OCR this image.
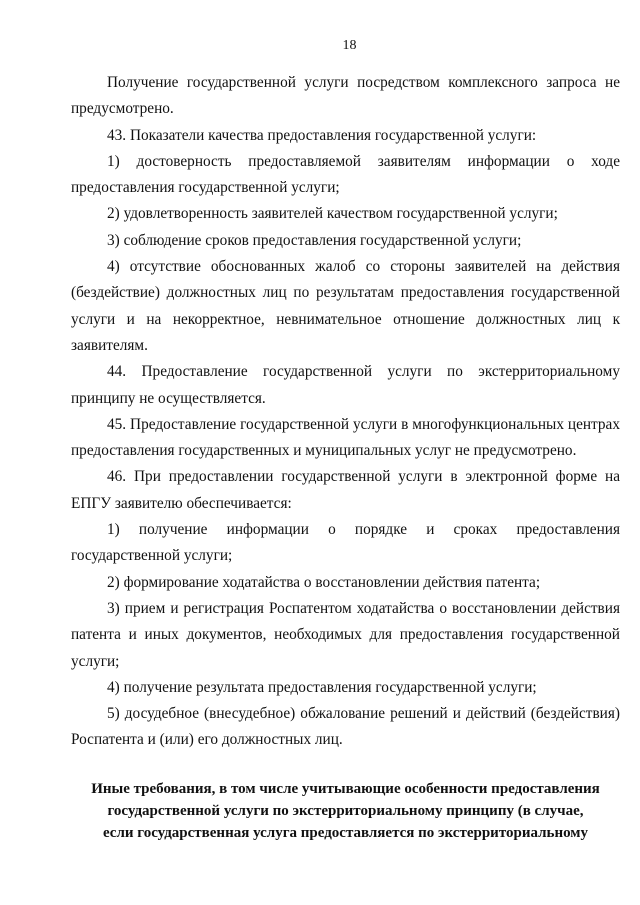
18

Получение государственной услуги посредством комплексного запроса не предусмотрено.

43. Показатели качества предоставления государственной услуги:

1) достоверность предоставляемой заявителям информации о ходе предоставления государственной услуги;

2) удовлетворенность заявителей качеством государственной услуги;

3) соблюдение сроков предоставления государственной услуги;

4) отсутствие обоснованных жалоб со стороны заявителей на действия (бездействие) должностных лиц по результатам предоставления государственной услуги и на некорректное, невнимательное отношение должностных лиц к заявителям.

44. Предоставление государственной услуги по экстерриториальному принципу не осуществляется.

45. Предоставление государственной услуги в многофункциональных центрах предоставления государственных и муниципальных услуг не предусмотрено.

46. При предоставлении государственной услуги в электронной форме на ЕПГУ заявителю обеспечивается:

1) получение информации о порядке и сроках предоставления государственной услуги;

2) формирование ходатайства о восстановлении действия патента;

3) прием и регистрация Роспатентом ходатайства о восстановлении действия патента и иных документов, необходимых для предоставления государственной услуги;

4) получение результата предоставления государственной услуги;

5) досудебное (внесудебное) обжалование решений и действий (бездействия) Роспатента и (или) его должностных лиц.

Иные требования, в том числе учитывающие особенности предоставления
государственной услуги по экстерриториальному принципу (в случае,
если государственная услуга предоставляется по экстерриториальному
